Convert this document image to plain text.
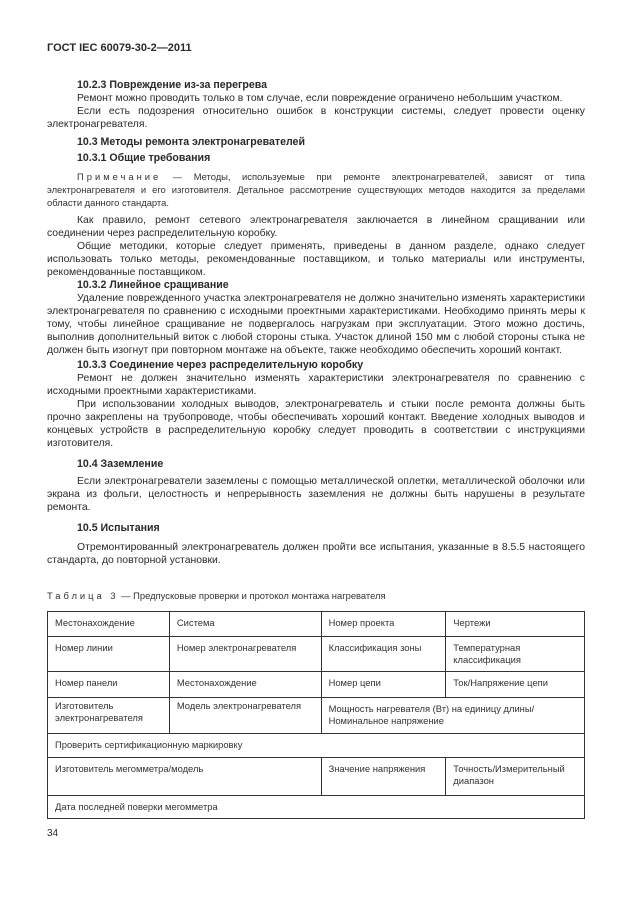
ГОСТ IEC 60079-30-2—2011
10.2.3 Повреждение из-за перегрева

Ремонт можно проводить только в том случае, если повреждение ограничено небольшим участком.

Если есть подозрения относительно ошибок в конструкции системы, следует провести оценку электронагревателя.

10.3 Методы ремонта электронагревателей
10.3.1 Общие требования

Примечание — Методы, используемые при ремонте электронагревателей, зависят от типа электронагревателя и его изготовителя. Детальное рассмотрение существующих методов находится за пределами области данного стандарта.

Как правило, ремонт сетевого электронагревателя заключается в линейном сращивании или соединении через распределительную коробку.

Общие методики, которые следует применять, приведены в данном разделе, однако следует использовать только методы, рекомендованные поставщиком, и только материалы или инструменты, рекомендованные поставщиком.

10.3.2 Линейное сращивание

Удаление поврежденного участка электронагревателя не должно значительно изменять характеристики электронагревателя по сравнению с исходными проектными характеристиками. Необходимо принять меры к тому, чтобы линейное сращивание не подвергалось нагрузкам при эксплуатации. Этого можно достичь, выполнив дополнительный виток с любой стороны стыка. Участок длиной 150 мм с любой стороны стыка не должен быть изогнут при повторном монтаже на объекте, также необходимо обеспечить хороший контакт.

10.3.3 Соединение через распределительную коробку

Ремонт не должен значительно изменять характеристики электронагревателя по сравнению с исходными проектными характеристиками.

При использовании холодных выводов, электронагреватель и стыки после ремонта должны быть прочно закреплены на трубопроводе, чтобы обеспечивать хороший контакт. Введение холодных выводов и концевых устройств в распределительную коробку следует проводить в соответствии с инструкциями изготовителя.

10.4 Заземление

Если электронагреватели заземлены с помощью металлической оплетки, металлической оболочки или экрана из фольги, целостность и непрерывность заземления не должны быть нарушены в результате ремонта.

10.5 Испытания

Отремонтированный электронагреватель должен пройти все испытания, указанные в 8.5.5 настоящего стандарта, до повторной установки.

Таблица 3 — Предпусковые проверки и протокол монтажа нагревателя
Местонахождение	Система	Номер проекта	Чертежи
Номер линии	Номер электронагревателя	Классификация зоны	Температурная классификация
Номер панели	Местонахождение	Номер цепи	Ток/Напряжение цепи
Изготовитель электронагревателя	Модель электронагревателя	Мощность нагревателя (Вт) на единицу длины/ Номинальное напряжение	
Проверить сертификационную маркировку			
Изготовитель мегомметра/модель		Значение напряжения	Точность/Измерительный диапазон
Дата последней поверки мегомметра			
34
